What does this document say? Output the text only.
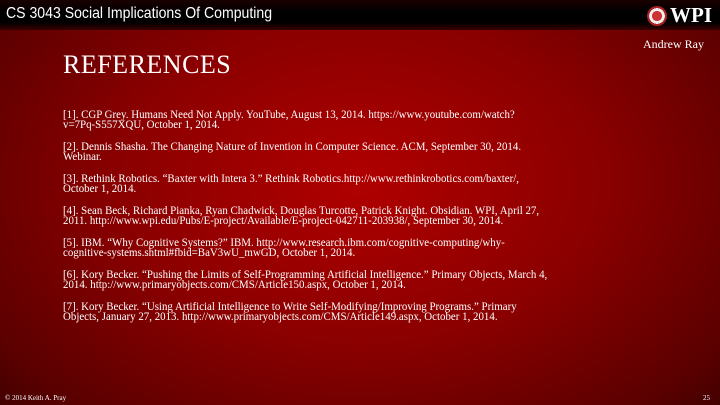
CS 3043 Social Implications Of Computing	WPI
Andrew Ray
REFERENCES
[1]. CGP Grey. Humans Need Not Apply. YouTube, August 13, 2014. https://www.youtube.com/watch?
v=7Pq-S557XQU, October 1, 2014.
[2]. Dennis Shasha. The Changing Nature of Invention in Computer Science. ACM, September 30, 2014.
Webinar.
[3]. Rethink Robotics. “Baxter with Intera 3.” Rethink Robotics.http://www.rethinkrobotics.com/baxter/,
October 1, 2014.
[4]. Sean Beck, Richard Pianka, Ryan Chadwick, Douglas Turcotte, Patrick Knight. Obsidian. WPI, April 27,
2011. http://www.wpi.edu/Pubs/E-project/Available/E-project-042711-203938/, September 30, 2014.
[5]. IBM. “Why Cognitive Systems?” IBM. http://www.research.ibm.com/cognitive-computing/why-
cognitive-systems.shtml#fbid=BaV3wU_mwGD, October 1, 2014.
[6]. Kory Becker. “Pushing the Limits of Self-Programming Artificial Intelligence.” Primary Objects, March 4,
2014. http://www.primaryobjects.com/CMS/Article150.aspx, October 1, 2014.
[7]. Kory Becker. “Using Artificial Intelligence to Write Self-Modifying/Improving Programs.” Primary
Objects, January 27, 2013. http://www.primaryobjects.com/CMS/Article149.aspx, October 1, 2014.
© 2014 Keith A. Pray	25
